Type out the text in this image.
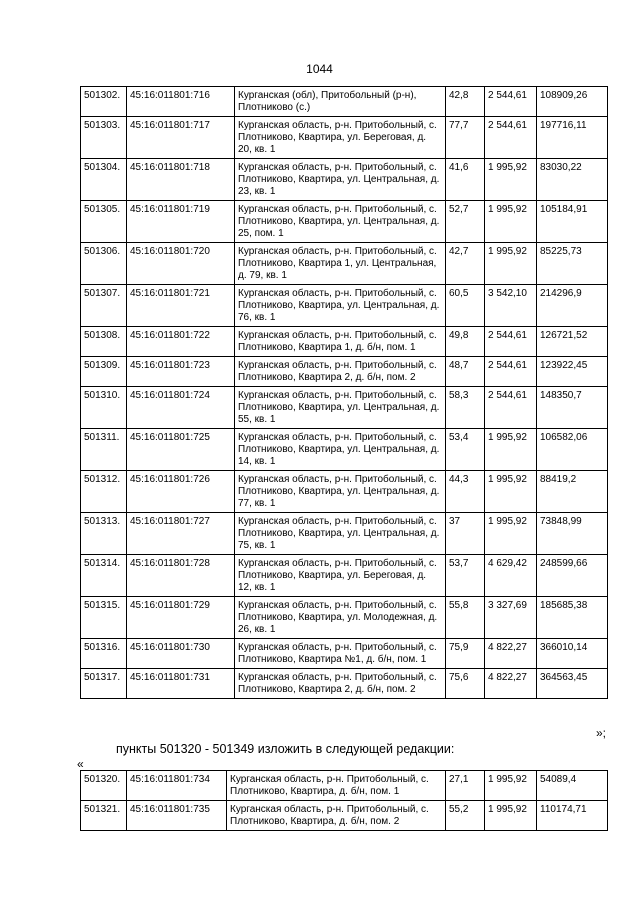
1044
501302.	45:16:011801:716	Курганская (обл), Притобольный (р-н), Плотниково (с.)	42,8	2 544,61	108909,26
501303.	45:16:011801:717	Курганская область, р-н. Притобольный, с. Плотниково, Квартира, ул. Береговая, д. 20, кв. 1	77,7	2 544,61	197716,11
501304.	45:16:011801:718	Курганская область, р-н. Притобольный, с. Плотниково, Квартира, ул. Центральная, д. 23, кв. 1	41,6	1 995,92	83030,22
501305.	45:16:011801:719	Курганская область, р-н. Притобольный, с. Плотниково, Квартира, ул. Центральная, д. 25, пом. 1	52,7	1 995,92	105184,91
501306.	45:16:011801:720	Курганская область, р-н. Притобольный, с. Плотниково, Квартира 1, ул. Центральная, д. 79, кв. 1	42,7	1 995,92	85225,73
501307.	45:16:011801:721	Курганская область, р-н. Притобольный, с. Плотниково, Квартира, ул. Центральная, д. 76, кв. 1	60,5	3 542,10	214296,9
501308.	45:16:011801:722	Курганская область, р-н. Притобольный, с. Плотниково, Квартира 1, д. б/н, пом. 1	49,8	2 544,61	126721,52
501309.	45:16:011801:723	Курганская область, р-н. Притобольный, с. Плотниково, Квартира 2, д. б/н, пом. 2	48,7	2 544,61	123922,45
501310.	45:16:011801:724	Курганская область, р-н. Притобольный, с. Плотниково, Квартира, ул. Центральная, д. 55, кв. 1	58,3	2 544,61	148350,7
501311.	45:16:011801:725	Курганская область, р-н. Притобольный, с. Плотниково, Квартира, ул. Центральная, д. 14, кв. 1	53,4	1 995,92	106582,06
501312.	45:16:011801:726	Курганская область, р-н. Притобольный, с. Плотниково, Квартира, ул. Центральная, д. 77, кв. 1	44,3	1 995,92	88419,2
501313.	45:16:011801:727	Курганская область, р-н. Притобольный, с. Плотниково, Квартира, ул. Центральная, д. 75, кв. 1	37	1 995,92	73848,99
501314.	45:16:011801:728	Курганская область, р-н. Притобольный, с. Плотниково, Квартира, ул. Береговая, д. 12, кв. 1	53,7	4 629,42	248599,66
501315.	45:16:011801:729	Курганская область, р-н. Притобольный, с. Плотниково, Квартира, ул. Молодежная, д. 26, кв. 1	55,8	3 327,69	185685,38
501316.	45:16:011801:730	Курганская область, р-н. Притобольный, с. Плотниково, Квартира №1, д. б/н, пом. 1	75,9	4 822,27	366010,14
501317.	45:16:011801:731	Курганская область, р-н. Притобольный, с. Плотниково, Квартира 2, д. б/н, пом. 2	75,6	4 822,27	364563,45
»;
пункты 501320 - 501349 изложить в следующей редакции:
«
501320.	45:16:011801:734	Курганская область, р-н. Притобольный, с. Плотниково, Квартира, д. б/н, пом. 1	27,1	1 995,92	54089,4
501321.	45:16:011801:735	Курганская область, р-н. Притобольный, с. Плотниково, Квартира, д. б/н, пом. 2	55,2	1 995,92	110174,71
